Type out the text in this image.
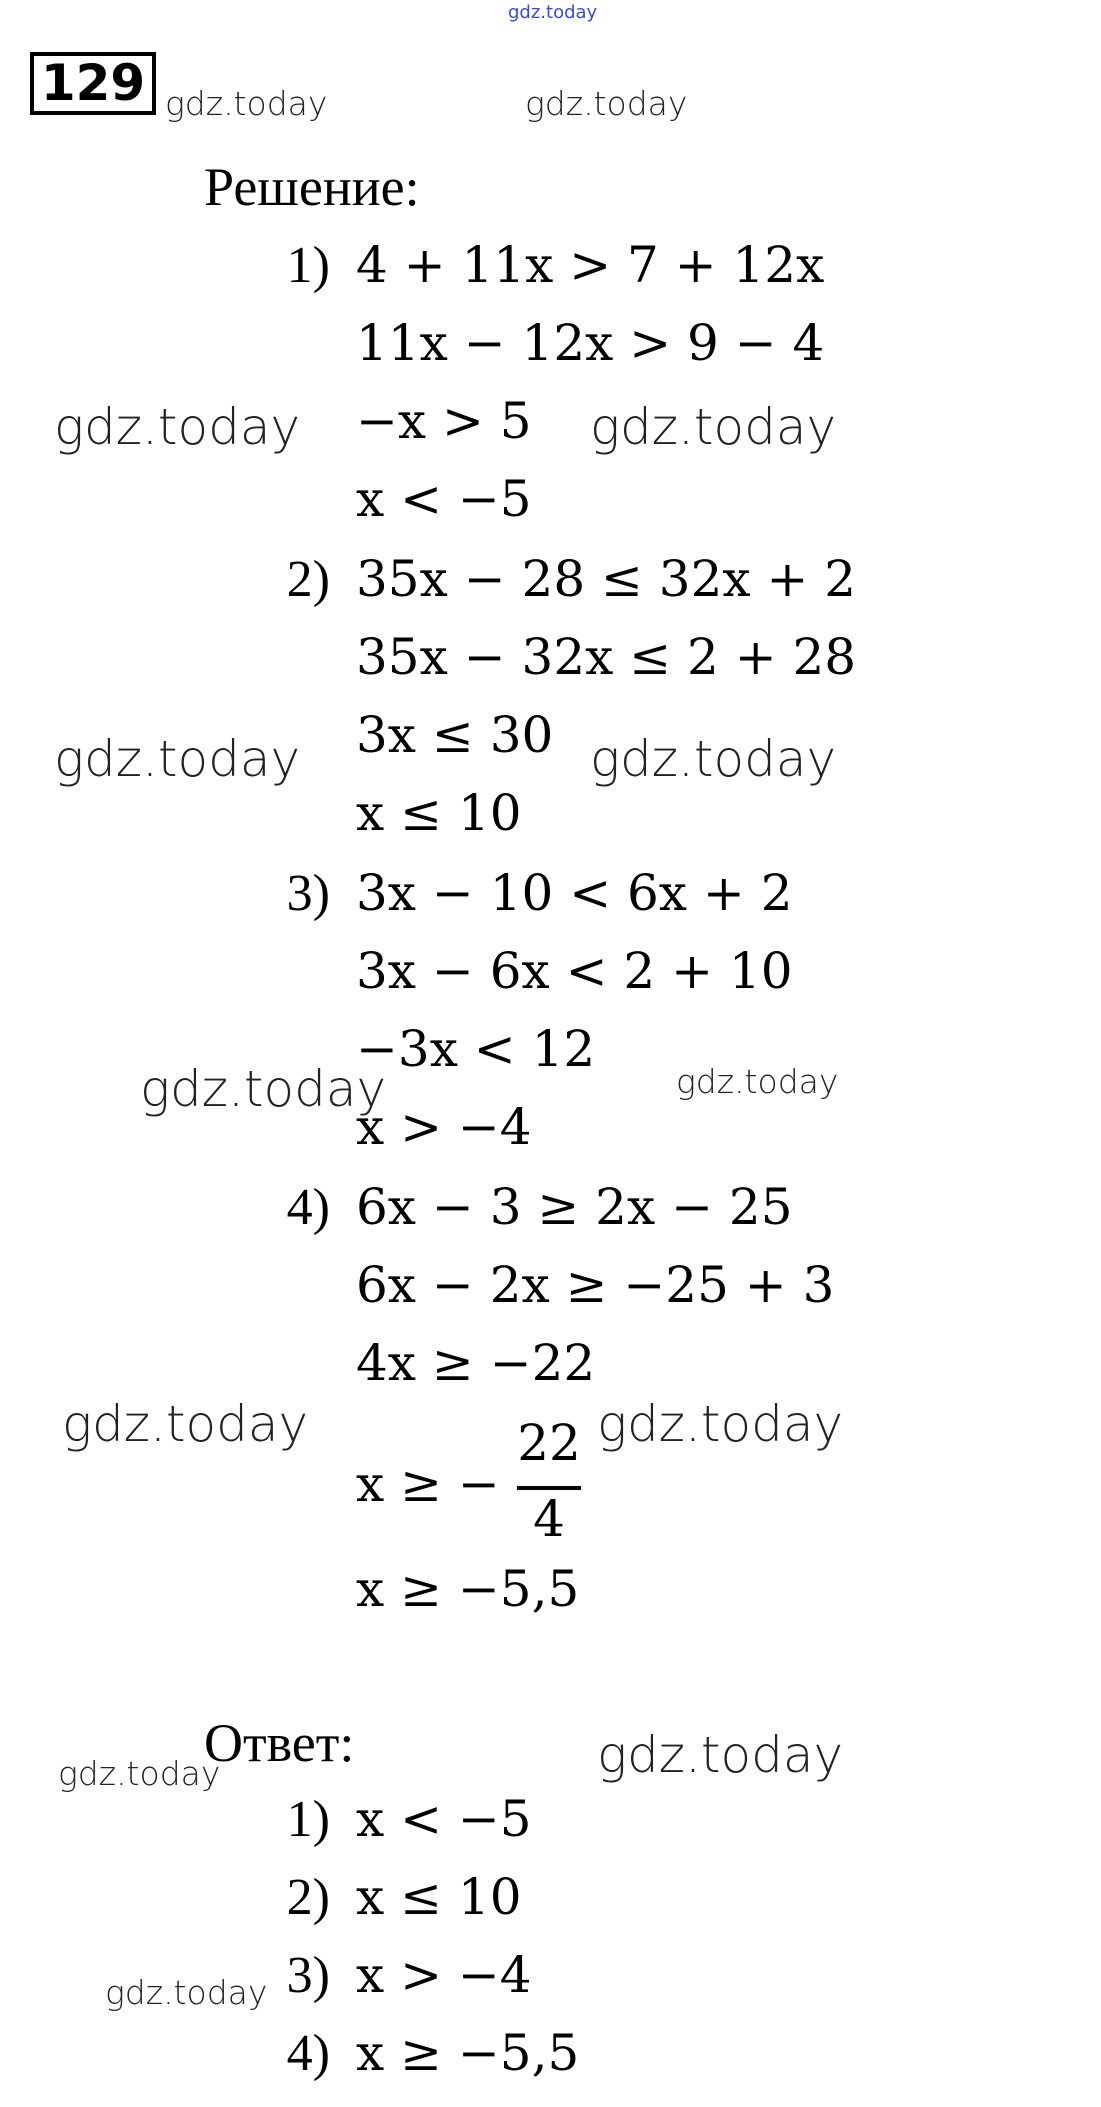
gdz.today
129 gdz.today	gdz.today
gdz.today	gdz.today
gdz.today	gdz.today
gdz.today	gdz.today
gdz.today	gdz.today
gdz.today
gdz.today
gdz.today
Решение:
1) 4 + 11x > 7 + 12x
11x − 12x > 9 − 4
−x > 5
x < −5
2) 35x − 28 ≤ 32x + 2
35x − 32x ≤ 2 + 28
3x ≤ 30
x ≤ 10
3) 3x − 10 < 6x + 2
3x − 6x < 2 + 10
−3x < 12
x > −4
4) 6x − 3 ≥ 2x − 25
6x − 2x ≥ −25 + 3
4x ≥ −22
x ≥ −
22
4
x ≥ −5,5
Ответ:
1) x < −5
2) x ≤ 10
3) x > −4
4) x ≥ −5,5
